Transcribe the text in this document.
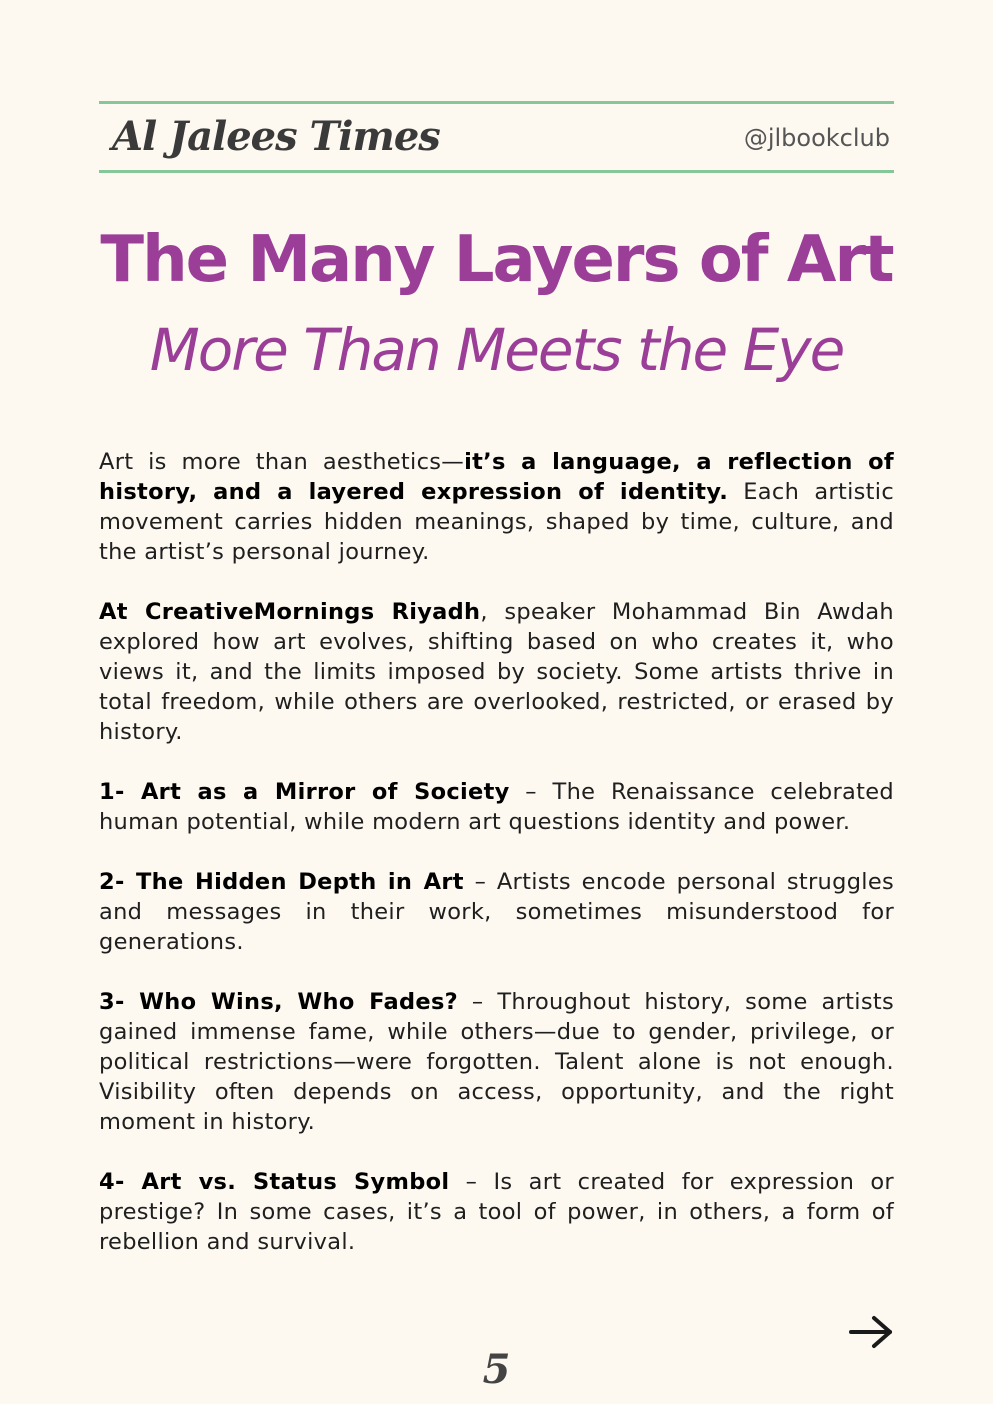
Al Jalees Times	@jlbookclub
The Many Layers of Art
More Than Meets the Eye

Art is more than aesthetics—it’s a language, a reflection of history, and a layered expression of identity. Each artistic movement carries hidden meanings, shaped by time, culture, and the artist’s personal journey.

At CreativeMornings Riyadh, speaker Mohammad Bin Awdah explored how art evolves, shifting based on who creates it, who views it, and the limits imposed by society. Some artists thrive in total freedom, while others are overlooked, restricted, or erased by history.

1- Art as a Mirror of Society – The Renaissance celebrated human potential, while modern art questions identity and power.

2- The Hidden Depth in Art – Artists encode personal struggles and messages in their work, sometimes misunderstood for generations.

3- Who Wins, Who Fades? – Throughout history, some artists gained immense fame, while others—due to gender, privilege, or political restrictions—were forgotten. Talent alone is not enough. Visibility often depends on access, opportunity, and the right moment in history.

4- Art vs. Status Symbol – Is art created for expression or prestige? In some cases, it’s a tool of power, in others, a form of rebellion and survival.

5
